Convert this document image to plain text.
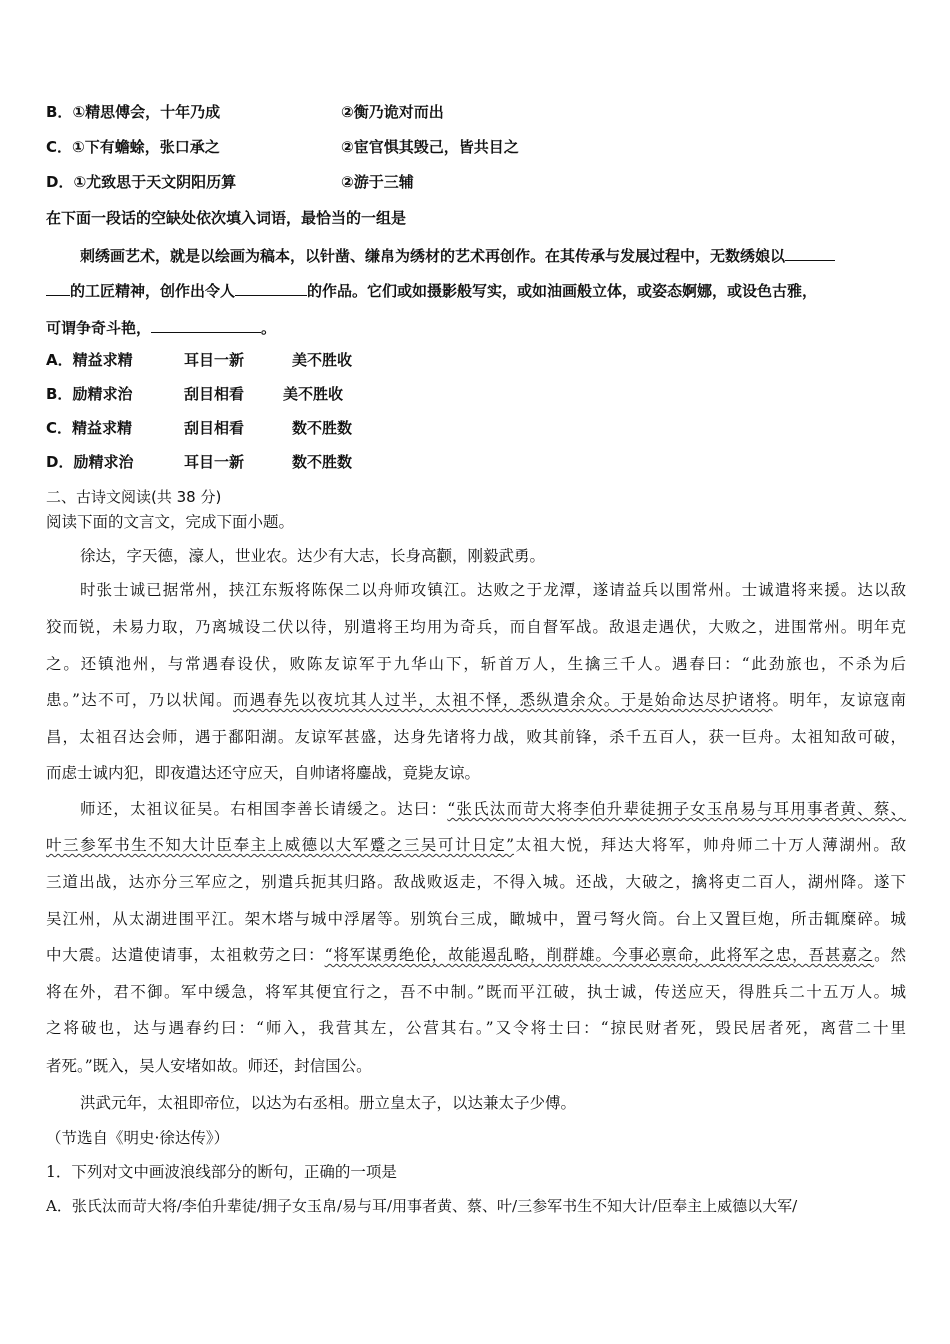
B．①精思傅会，十年乃成	②衡乃诡对而出
C．①下有蟾蜍，张口承之	②宦官惧其毁己，皆共目之
D．①尤致思于天文阴阳历算	②游于三辅
在下面一段话的空缺处依次填入词语，最恰当的一组是
刺绣画艺术，就是以绘画为稿本，以针凿、缣帛为绣材的艺术再创作。在其传承与发展过程中，无数绣娘以
的工匠精神，创作出令人	的作品。它们或如摄影般写实，或如油画般立体，或姿态婀娜，或设色古雅，
可谓争奇斗艳，	。
A．精益求精	耳目一新	美不胜收
B．励精求治	刮目相看	美不胜收
C．精益求精	刮目相看	数不胜数
D．励精求治	耳目一新	数不胜数
二、古诗文阅读(共 38 分)
阅读下面的文言文，完成下面小题。
徐达，字天德，濠人，世业农。达少有大志，长身高颧，刚毅武勇。
时张士诚已据常州，挟江东叛将陈保二以舟师攻镇江。达败之于龙潭，遂请益兵以围常州。士诚遣将来援。达以敌
狡而锐，未易力取，乃离城设二伏以待，别遣将王均用为奇兵，而自督军战。敌退走遇伏，大败之，进围常州。明年克
之。还镇池州，与常遇春设伏，败陈友谅军于九华山下，斩首万人，生擒三千人。遇春曰：“此劲旅也，不杀为后
患。”达不可，乃以状闻。而遇春先以夜坑其人过半，太祖不怿，悉纵遣余众。于是始命达尽护诸将。明年，友谅寇南
昌，太祖召达会师，遇于鄱阳湖。友谅军甚盛，达身先诸将力战，败其前锋，杀千五百人，获一巨舟。太祖知敌可破，
而虑士诚内犯，即夜遣达还守应天，自帅诸将鏖战，竟毙友谅。
师还，太祖议征吴。右相国李善长请缓之。达曰：“张氏汰而苛大将李伯升辈徒拥子女玉帛易与耳用事者黄、蔡、
叶三参军书生不知大计臣奉主上威德以大军蹙之三吴可计日定”太祖大悦，拜达大将军，帅舟师二十万人薄湖州。敌
三道出战，达亦分三军应之，别遣兵扼其归路。敌战败返走，不得入城。还战，大破之，擒将吏二百人，湖州降。遂下
吴江州，从太湖进围平江。架木塔与城中浮屠等。别筑台三成，瞰城中，置弓弩火筒。台上又置巨炮，所击辄糜碎。城
中大震。达遣使请事，太祖敕劳之曰：“将军谋勇绝伦，故能遏乱略，削群雄。今事必禀命，此将军之忠，吾甚嘉之。然
将在外，君不御。军中缓急，将军其便宜行之，吾不中制。”既而平江破，执士诚，传送应天，得胜兵二十五万人。城
之将破也，达与遇春约曰：“师入，我营其左，公营其右。”又令将士曰：“掠民财者死，毁民居者死，离营二十里
者死。”既入，吴人安堵如故。师还，封信国公。
洪武元年，太祖即帝位，以达为右丞相。册立皇太子，以达兼太子少傅。
（节选自《明史·徐达传》）
1．下列对文中画波浪线部分的断句，正确的一项是
A．张氏汰而苛大将/李伯升辈徒/拥子女玉帛/易与耳/用事者黄、蔡、叶/三参军书生不知大计/臣奉主上威德以大军/
